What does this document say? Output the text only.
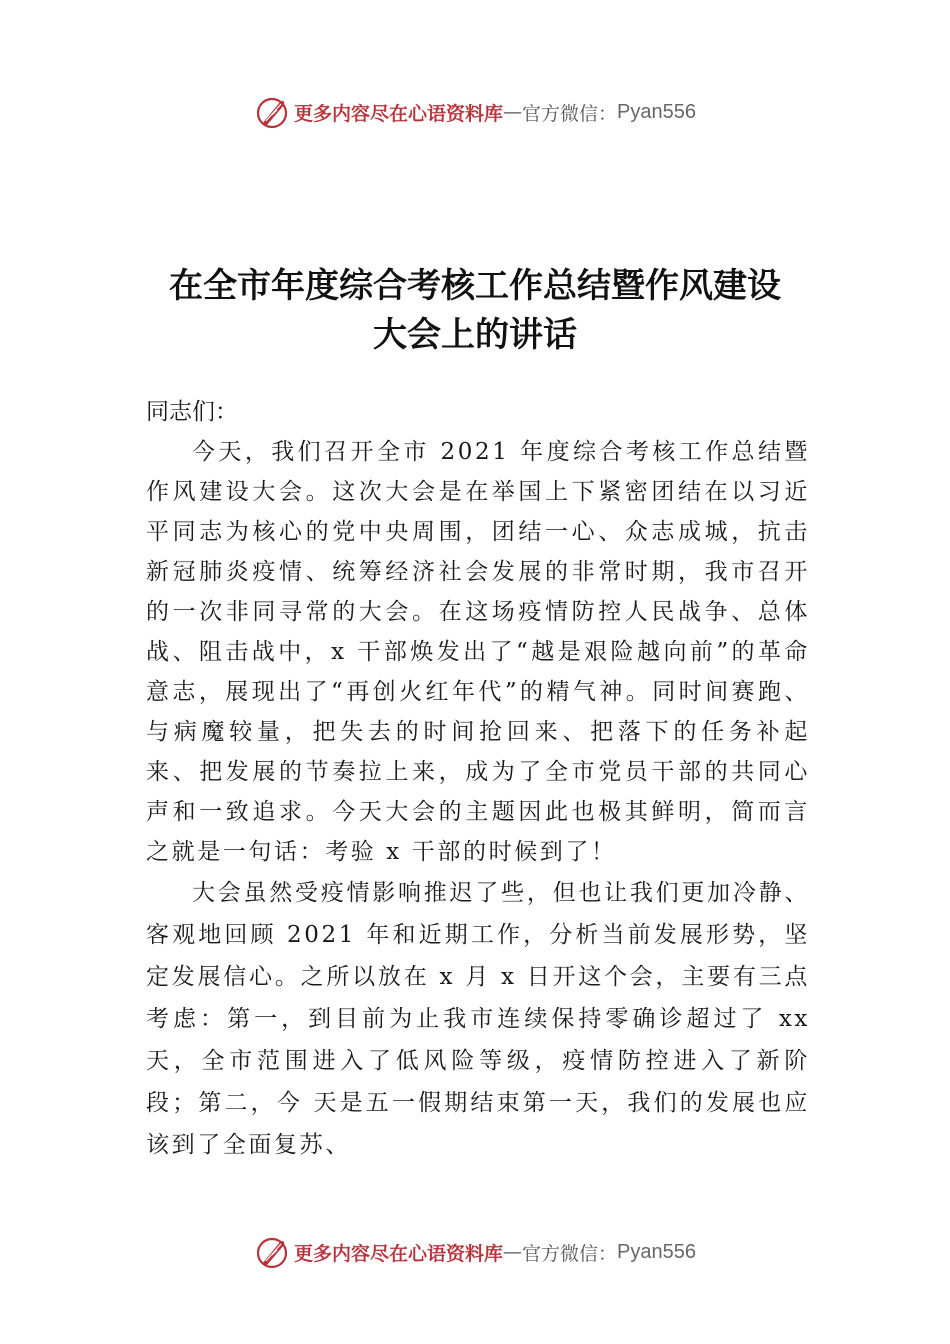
更多内容尽在心语资料库 — 官方微信： Pyan556
在全市年度综合考核工作总结暨作风建设
大会上的讲话

同志们：

今天，我们召开全市 2021 年度综合考核工作总结暨作风建设大会。这次大会是在举国上下紧密团结在以习近平同志为核心的党中央周围，团结一心、众志成城，抗击新冠肺炎疫情、统筹经济社会发展的非常时期，我市召开的一次非同寻常的大会。在这场疫情防控人民战争、总体战、阻击战中，x 干部焕发出了“越是艰险越向前”的革命意志，展现出了“再创火红年代”的精气神。同时间赛跑、与病魔较量，把失去的时间抢回来、把落下的任务补起来、把发展的节奏拉上来，成为了全市党员干部的共同心声和一致追求。今天大会的主题因此也极其鲜明，简而言之就是一句话：考验 x 干部的时候到了！

大会虽然受疫情影响推迟了些，但也让我们更加冷静、客观地回顾 2021 年和近期工作，分析当前发展形势，坚定发展信心。之所以放在 x 月 x 日开这个会，主要有三点考虑：第一，到目前为止我市连续保持零确诊超过了 xx 天，全市范围进入了低风险等级，疫情防控进入了新阶段；第二，今 天是五一假期结束第一天，我们的发展也应该到了全面复苏、

更多内容尽在心语资料库 — 官方微信： Pyan556
